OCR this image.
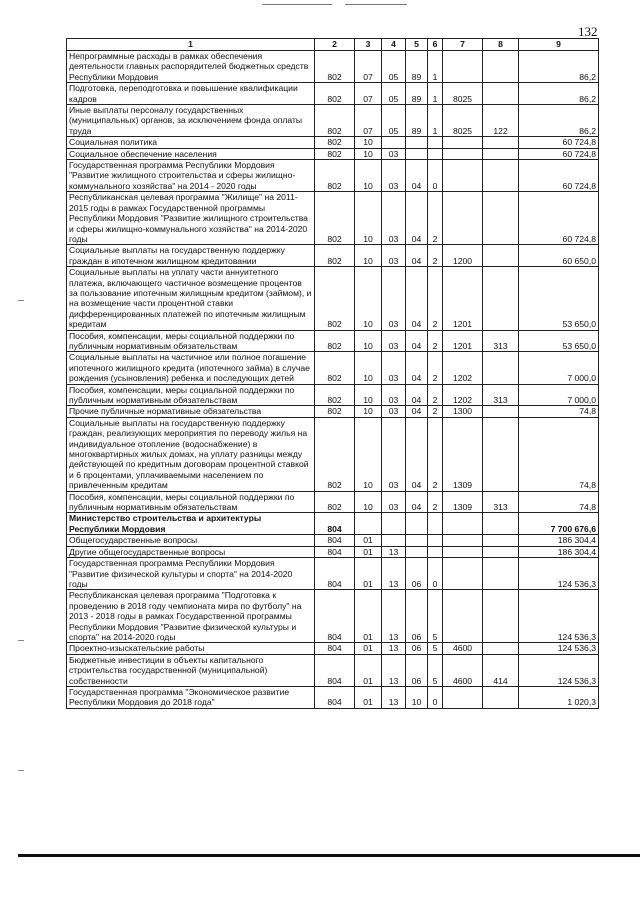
132
1	2	3	4	5	6	7	8	9
Непрограммные расходы в рамках обеспечения деятельности главных распорядителей бюджетных средств Республики Мордовия	802	07	05	89	1			86,2
Подготовка, переподготовка и повышение квалификации кадров	802	07	05	89	1	8025		86,2
Иные выплаты персоналу государственных (муниципальных) органов, за исключением фонда оплаты труда	802	07	05	89	1	8025	122	86,2
Социальная политика	802	10						60 724,8
Социальное обеспечение населения	802	10	03					60 724,8
Государственная программа Республики Мордовия "Развитие жилищного строительства и сферы жилищно-коммунального хозяйства" на 2014 - 2020 годы	802	10	03	04	0			60 724,8
Республиканская целевая программа "Жилище" на 2011-2015 годы в рамках Государственной программы Республики Мордовия "Развитие жилищного строительства и сферы жилищно-коммунального хозяйства" на 2014-2020 годы	802	10	03	04	2			60 724,8
Социальные выплаты на государственную поддержку граждан в ипотечном жилищном кредитовании	802	10	03	04	2	1200		60 650,0
Социальные выплаты на уплату части аннуитетного платежа, включающего частичное возмещение процентов за пользование ипотечным жилищным кредитом (займом), и на возмещение части процентной ставки дифференцированных платежей по ипотечным жилищным кредитам	802	10	03	04	2	1201		53 650,0
Пособия, компенсации, меры социальной поддержки по публичным нормативным обязательствам	802	10	03	04	2	1201	313	53 650,0
Социальные выплаты на частичное или полное погашение ипотечного жилищного кредита (ипотечного займа) в случае рождения (усыновления) ребенка и последующих детей	802	10	03	04	2	1202		7 000,0
Пособия, компенсации, меры социальной поддержки по публичным нормативным обязательствам	802	10	03	04	2	1202	313	7 000,0
Прочие публичные нормативные обязательства	802	10	03	04	2	1300		74,8
Социальные выплаты на государственную поддержку граждан, реализующих мероприятия по переводу жилья на индивидуальное отопление (водоснабжение) в многоквартирных жилых домах, на уплату разницы между действующей по кредитным договорам процентной ставкой и 6 процентами, уплачиваемыми населением по привлеченным кредитам	802	10	03	04	2	1309		74,8
Пособия, компенсации, меры социальной поддержки по публичным нормативным обязательствам	802	10	03	04	2	1309	313	74,8
Министерство строительства и архитектуры Республики Мордовия	804							7 700 676,6
Общегосударственные вопросы	804	01						186 304,4
Другие общегосударственные вопросы	804	01	13					186 304,4
Государственная программа Республики Мордовия "Развитие физической культуры и спорта" на 2014-2020 годы	804	01	13	06	0			124 536,3
Республиканская целевая программа "Подготовка к проведению в 2018 году чемпионата мира по футболу" на 2013 - 2018 годы в рамках Государственной программы Республики Мордовия "Развитие физической культуры и спорта" на 2014-2020 годы	804	01	13	06	5			124 536,3
Проектно-изыскательские работы	804	01	13	06	5	4600		124 536,3
Бюджетные инвестиции в объекты капитального строительства государственной (муниципальной) собственности	804	01	13	06	5	4600	414	124 536,3
Государственная программа "Экономическое развитие Республики Мордовия до 2018 года"	804	01	13	10	0			1 020,3
